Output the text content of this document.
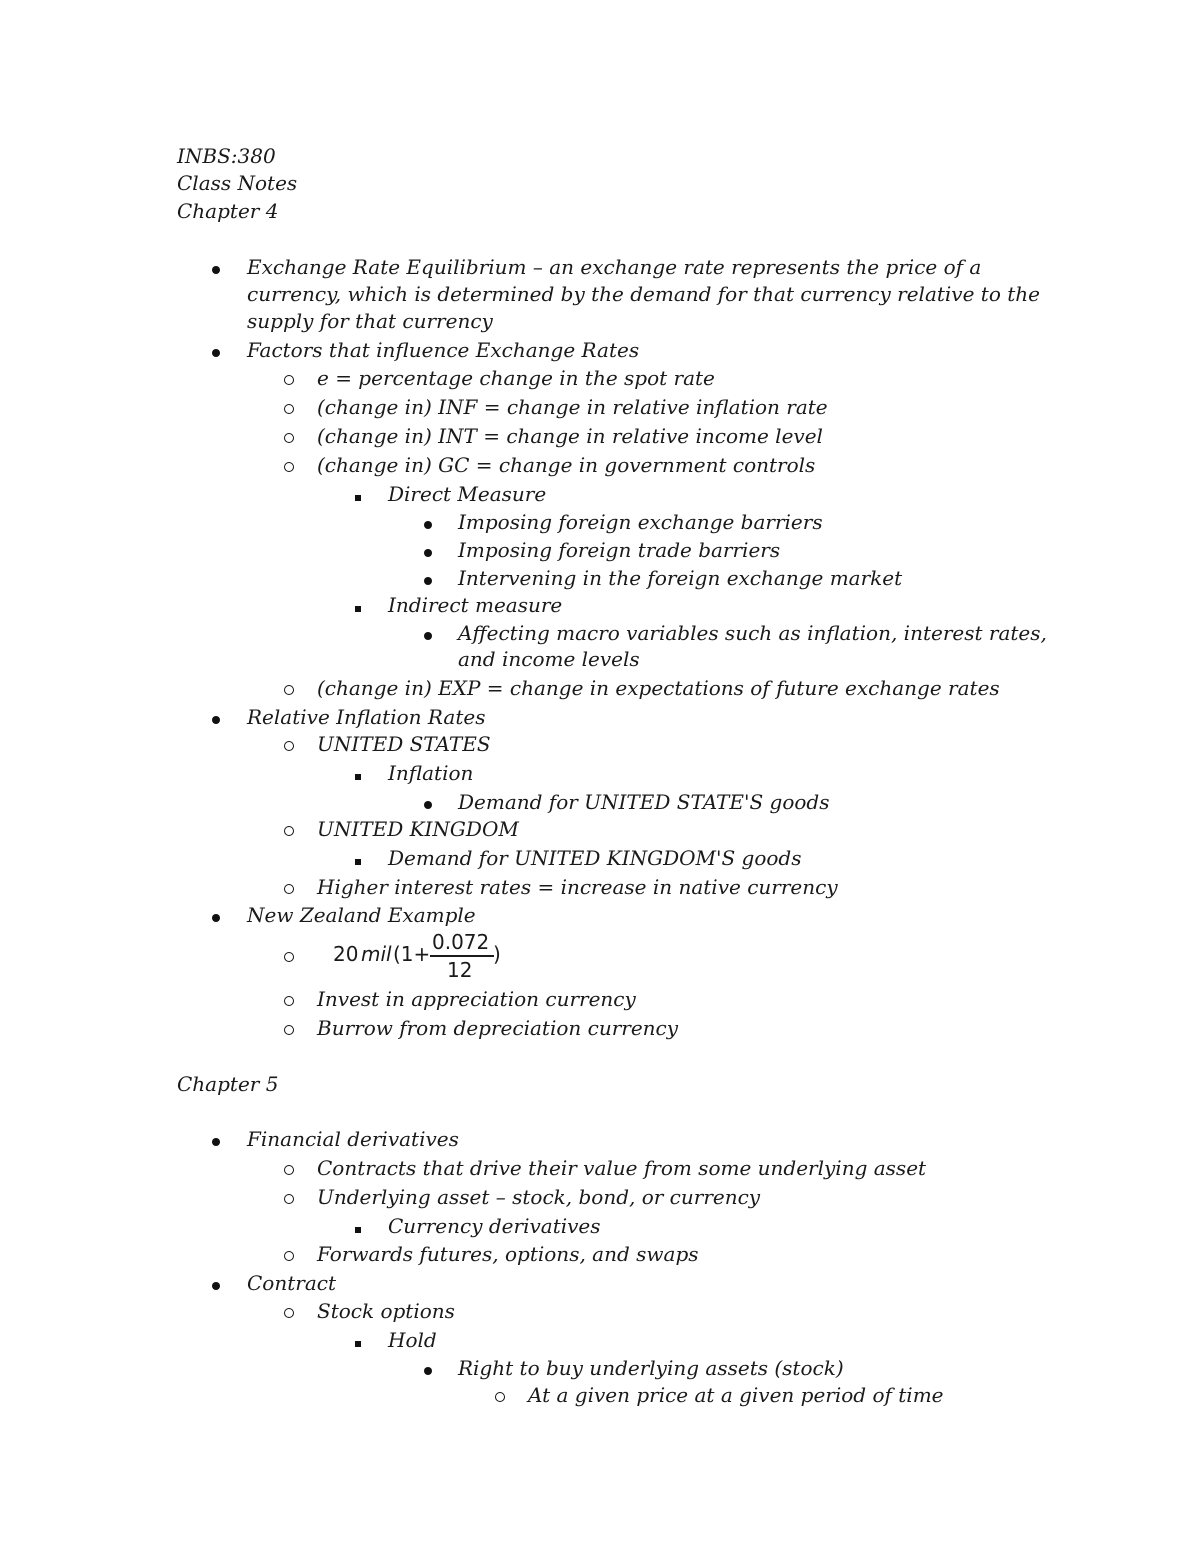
INBS:380
Class Notes
Chapter 4
Exchange Rate Equilibrium – an exchange rate represents the price of a
currency, which is determined by the demand for that currency relative to the
supply for that currency
Factors that influence Exchange Rates
e = percentage change in the spot rate
(change in) INF = change in relative inflation rate
(change in) INT = change in relative income level
(change in) GC = change in government controls
Direct Measure
Imposing foreign exchange barriers
Imposing foreign trade barriers
Intervening in the foreign exchange market
Indirect measure
Affecting macro variables such as inflation, interest rates,
and income levels
(change in) EXP = change in expectations of future exchange rates
Relative Inflation Rates
UNITED STATES
Inflation
Demand for UNITED STATE'S goods
UNITED KINGDOM
Demand for UNITED KINGDOM'S goods
Higher interest rates = increase in native currency
New Zealand Example
20 mil (1+ 0.072
12
)
Invest in appreciation currency
Burrow from depreciation currency
Chapter 5
Financial derivatives
Contracts that drive their value from some underlying asset
Underlying asset – stock, bond, or currency
Currency derivatives
Forwards futures, options, and swaps
Contract
Stock options
Hold
Right to buy underlying assets (stock)
At a given price at a given period of time
